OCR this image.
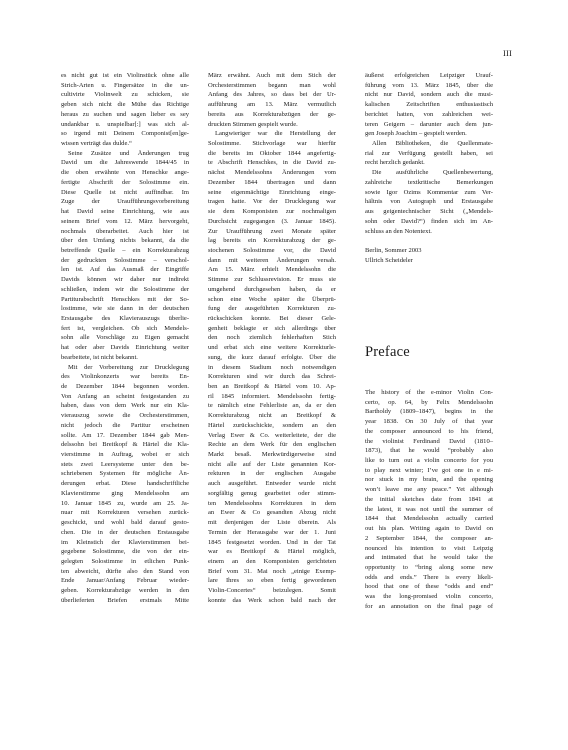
III
es nicht gut ist ein Violinstück ohne alle
Strich-Arten u. Fingersätze in die un-
cultivirte Violinwelt zu schicken, sie
geben sich nicht die Mühe das Richtige
heraus zu suchen und sagen lieber es sey
undankbar u. unspielbar[:] was sich al-
so irgend mit Deinem Componist[en]ge-
wissen verträgt das dulde.“
Seine Zusätze und Änderungen trug
David um die Jahreswende 1844/45 in
die oben erwähnte von Henschke ange-
fertigte Abschrift der Solostimme ein.
Diese Quelle ist nicht auffindbar. Im
Zuge der Uraufführungsvorbereitung
hat David seine Einrichtung, wie aus
seinem Brief vom 12. März hervorgeht,
nochmals überarbeitet. Auch hier ist
über den Umfang nichts bekannt, da die
betreffende Quelle – ein Korrekturabzug
der gedruckten Solostimme – verschol-
len ist. Auf das Ausmaß der Eingriffe
Davids können wir daher nur indirekt
schließen, indem wir die Solostimme der
Partiturabschrift Henschkes mit der So-
lostimme, wie sie dann in der deutschen
Erstausgabe des Klavierauszugs überlie-
fert ist, vergleichen. Ob sich Mendels-
sohn alle Vorschläge zu Eigen gemacht
hat oder aber Davids Einrichtung weiter
bearbeitete, ist nicht bekannt.
Mit der Vorbereitung zur Drucklegung
des Violinkonzerts war bereits En-
de Dezember 1844 begonnen worden.
Von Anfang an scheint festgestanden zu
haben, dass von dem Werk nur ein Kla-
vierauszug sowie die Orchesterstimmen,
nicht jedoch die Partitur erscheinen
sollte. Am 17. Dezember 1844 gab Men-
delssohn bei Breitkopf & Härtel die Kla-
vierstimme in Auftrag, wobei er sich
stets zwei Leersysteme unter den be-
schriebenen Systemen für mögliche Än-
derungen erbat. Diese handschriftliche
Klavierstimme ging Mendelssohn am
10. Januar 1845 zu, wurde am 25. Ja-
nuar mit Korrekturen versehen zurück-
geschickt, und wohl bald darauf gesto-
chen. Die in der deutschen Erstausgabe
im Kleinstich der Klavierstimmen bei-
gegebene Solostimme, die von der ein-
gelegten Solostimme in etlichen Punk-
ten abweicht, dürfte also den Stand von
Ende Januar/Anfang Februar wieder-
geben. Korrekturabzüge werden in den
überlieferten Briefen erstmals Mitte
März erwähnt. Auch mit dem Stich der
Orchesterstimmen begann man wohl
Anfang des Jahres, so dass bei der Ur-
aufführung am 13. März vermutlich
bereits aus Korrekturabzügen der ge-
druckten Stimmen gespielt wurde.
Langwieriger war die Herstellung der
Solostimme. Stichvorlage war hierfür
die bereits im Oktober 1844 angefertig-
te Abschrift Henschkes, in die David zu-
nächst Mendelssohns Änderungen vom
Dezember 1844 übertragen und dann
seine eigenmächtige Einrichtung einge-
tragen hatte. Vor der Drucklegung war
sie dem Komponisten zur nochmaligen
Durchsicht zugegangen (3. Januar 1845).
Zur Uraufführung zwei Monate später
lag bereits ein Korrekturabzug der ge-
stochenen Solostimme vor, die David
dann mit weiteren Änderungen versah.
Am 15. März erhielt Mendelssohn die
Stimme zur Schlussrevision. Er muss sie
umgehend durchgesehen haben, da er
schon eine Woche später die Überprü-
fung der ausgeführten Korrekturen zu-
rückschicken konnte. Bei dieser Gele-
genheit beklagte er sich allerdings über
den noch ziemlich fehlerhaften Stich
und erbat sich eine weitere Korrekturle-
sung, die kurz darauf erfolgte. Über die
in diesem Stadium noch notwendigen
Korrekturen sind wir durch das Schrei-
ben an Breitkopf & Härtel vom 10. Ap-
ril 1845 informiert. Mendelssohn fertig-
te nämlich eine Fehlerliste an, da er den
Korrekturabzug nicht an Breitkopf &
Härtel zurückschickte, sondern an den
Verlag Ewer & Co. weiterleitete, der die
Rechte an dem Werk für den englischen
Markt besaß. Merkwürdigerweise sind
nicht alle auf der Liste genannten Kor-
rekturen in der englischen Ausgabe
auch ausgeführt. Entweder wurde nicht
sorgfältig genug gearbeitet oder stimm-
ten Mendelssohns Korrekturen in dem
an Ewer & Co gesandten Abzug nicht
mit denjenigen der Liste überein. Als
Termin der Herausgabe war der 1. Juni
1845 festgesetzt worden. Und in der Tat
war es Breitkopf & Härtel möglich,
einem an den Komponisten gerichteten
Brief vom 31. Mai noch „einige Exemp-
lare Ihres so eben fertig gewordenen
Violin-Concertes“ beizulegen. Somit
konnte das Werk schon bald nach der
äußerst erfolgreichen Leipziger Urauf-
führung vom 13. März 1845, über die
nicht nur David, sondern auch die musi-
kalischen Zeitschriften enthusiastisch
berichtet hatten, von zahlreichen wei-
teren Geigern – darunter auch dem jun-
gen Joseph Joachim – gespielt werden.
Allen Bibliotheken, die Quellenmate-
rial zur Verfügung gestellt haben, sei
recht herzlich gedankt.
Die ausführliche Quellenbewertung,
zahlreiche textkritische Bemerkungen
sowie Igor Ozims Kommentar zum Ver-
hältnis von Autograph und Erstausgabe
aus geigentechnischer Sicht („Mendels-
sohn oder David?“) finden sich im An-
schluss an den Notentext.
Berlin, Sommer 2003
Ullrich Scheideler
Preface
The history of the e-minor Violin Con-
certo, op. 64, by Felix Mendelssohn
Bartholdy (1809–1847), begins in the
year 1838. On 30 July of that year
the composer announced to his friend,
the violinist Ferdinand David (1810–
1873), that he would “probably also
like to turn out a violin concerto for you
to play next winter; I’ve got one in e mi-
nor stuck in my brain, and the opening
won’t leave me any peace.” Yet although
the initial sketches date from 1841 at
the latest, it was not until the summer of
1844 that Mendelssohn actually carried
out his plan. Writing again to David on
2 September 1844, the composer an-
nounced his intention to visit Leipzig
and intimated that he would take the
opportunity to “bring along some new
odds and ends.” There is every likeli-
hood that one of these “odds and end”
was the long-promised violin concerto,
for an annotation on the final page of
